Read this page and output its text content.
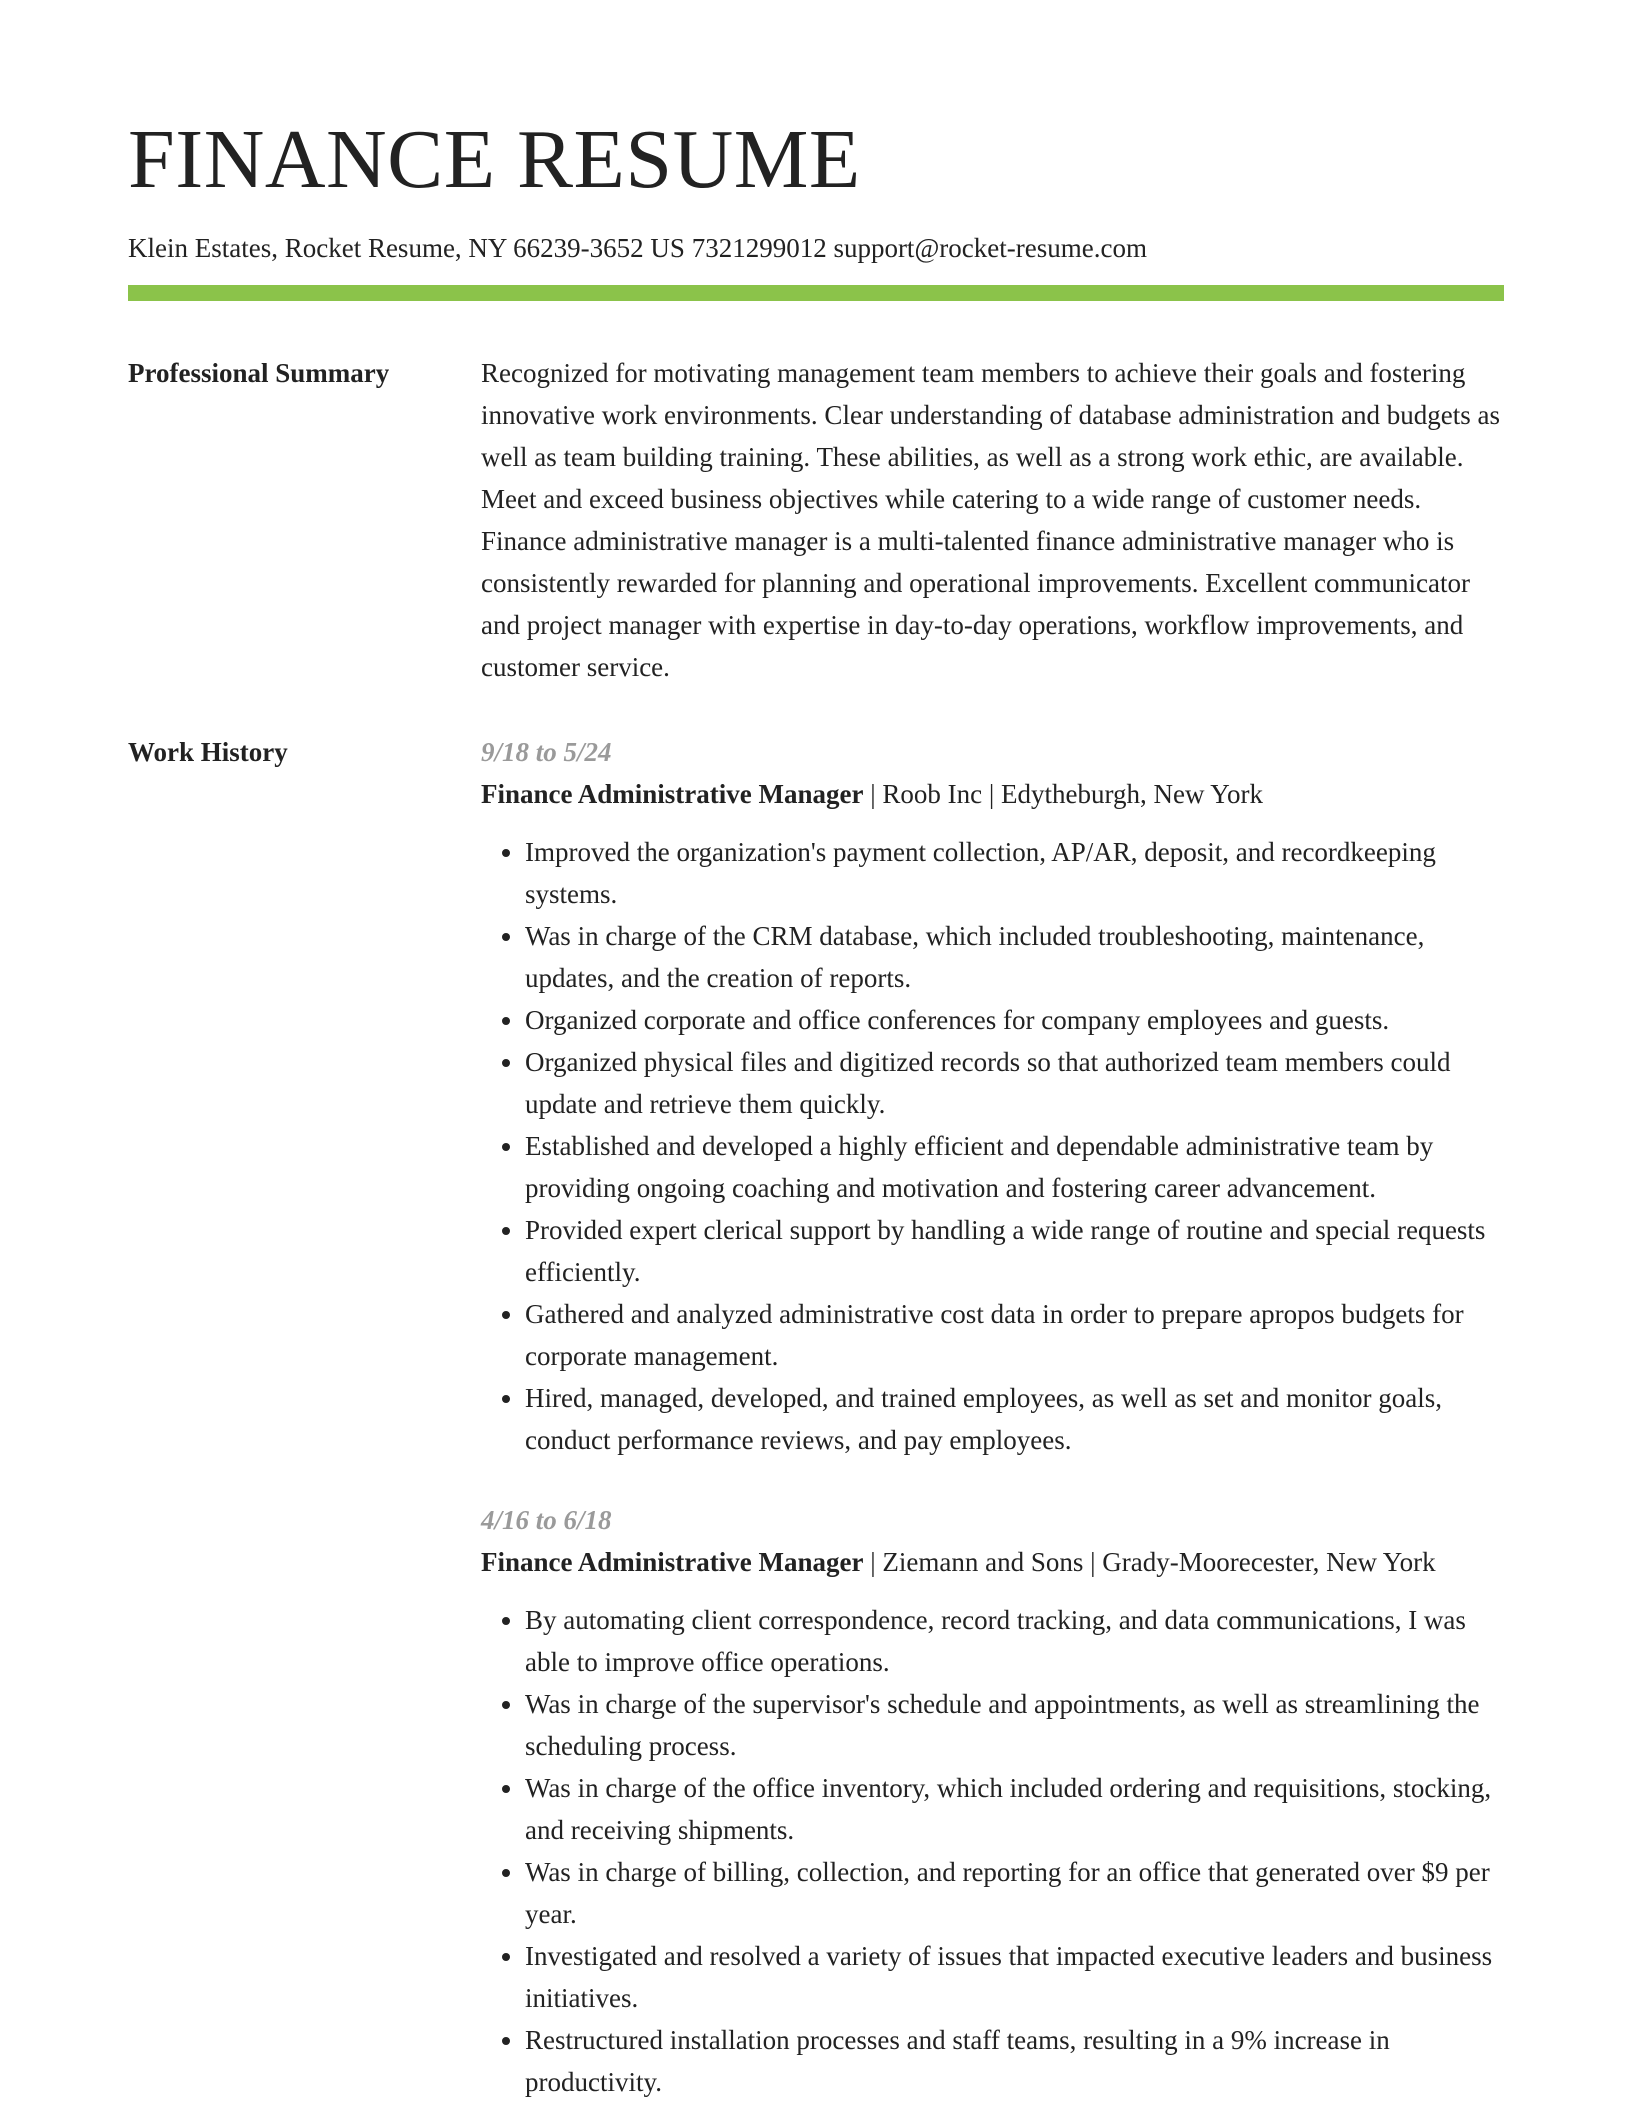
FINANCE RESUME
Klein Estates, Rocket Resume, NY 66239-3652 US 7321299012 support@rocket-resume.com
Professional Summary	Recognized for motivating management team members to achieve their goals and fostering innovative work environments. Clear understanding of database administration and budgets as well as team building training. These abilities, as well as a strong work ethic, are available. Meet and exceed business objectives while catering to a wide range of customer needs. Finance administrative manager is a multi-talented finance administrative manager who is consistently rewarded for planning and operational improvements. Excellent communicator and project manager with expertise in day-to-day operations, workflow improvements, and customer service.

Work History	9/18 to 5/24
Finance Administrative Manager | Roob Inc | Edytheburgh, New York
• Improved the organization's payment collection, AP/AR, deposit, and recordkeeping systems.
• Was in charge of the CRM database, which included troubleshooting, maintenance, updates, and the creation of reports.
• Organized corporate and office conferences for company employees and guests.
• Organized physical files and digitized records so that authorized team members could update and retrieve them quickly.
• Established and developed a highly efficient and dependable administrative team by providing ongoing coaching and motivation and fostering career advancement.
• Provided expert clerical support by handling a wide range of routine and special requests efficiently.
• Gathered and analyzed administrative cost data in order to prepare apropos budgets for corporate management.
• Hired, managed, developed, and trained employees, as well as set and monitor goals, conduct performance reviews, and pay employees.
4/16 to 6/18
Finance Administrative Manager | Ziemann and Sons | Grady-Moorecester, New York
• By automating client correspondence, record tracking, and data communications, I was able to improve office operations.
• Was in charge of the supervisor's schedule and appointments, as well as streamlining the scheduling process.
• Was in charge of the office inventory, which included ordering and requisitions, stocking, and receiving shipments.
• Was in charge of billing, collection, and reporting for an office that generated over $9 per year.
• Investigated and resolved a variety of issues that impacted executive leaders and business initiatives.
• Restructured installation processes and staff teams, resulting in a 9% increase in productivity.
